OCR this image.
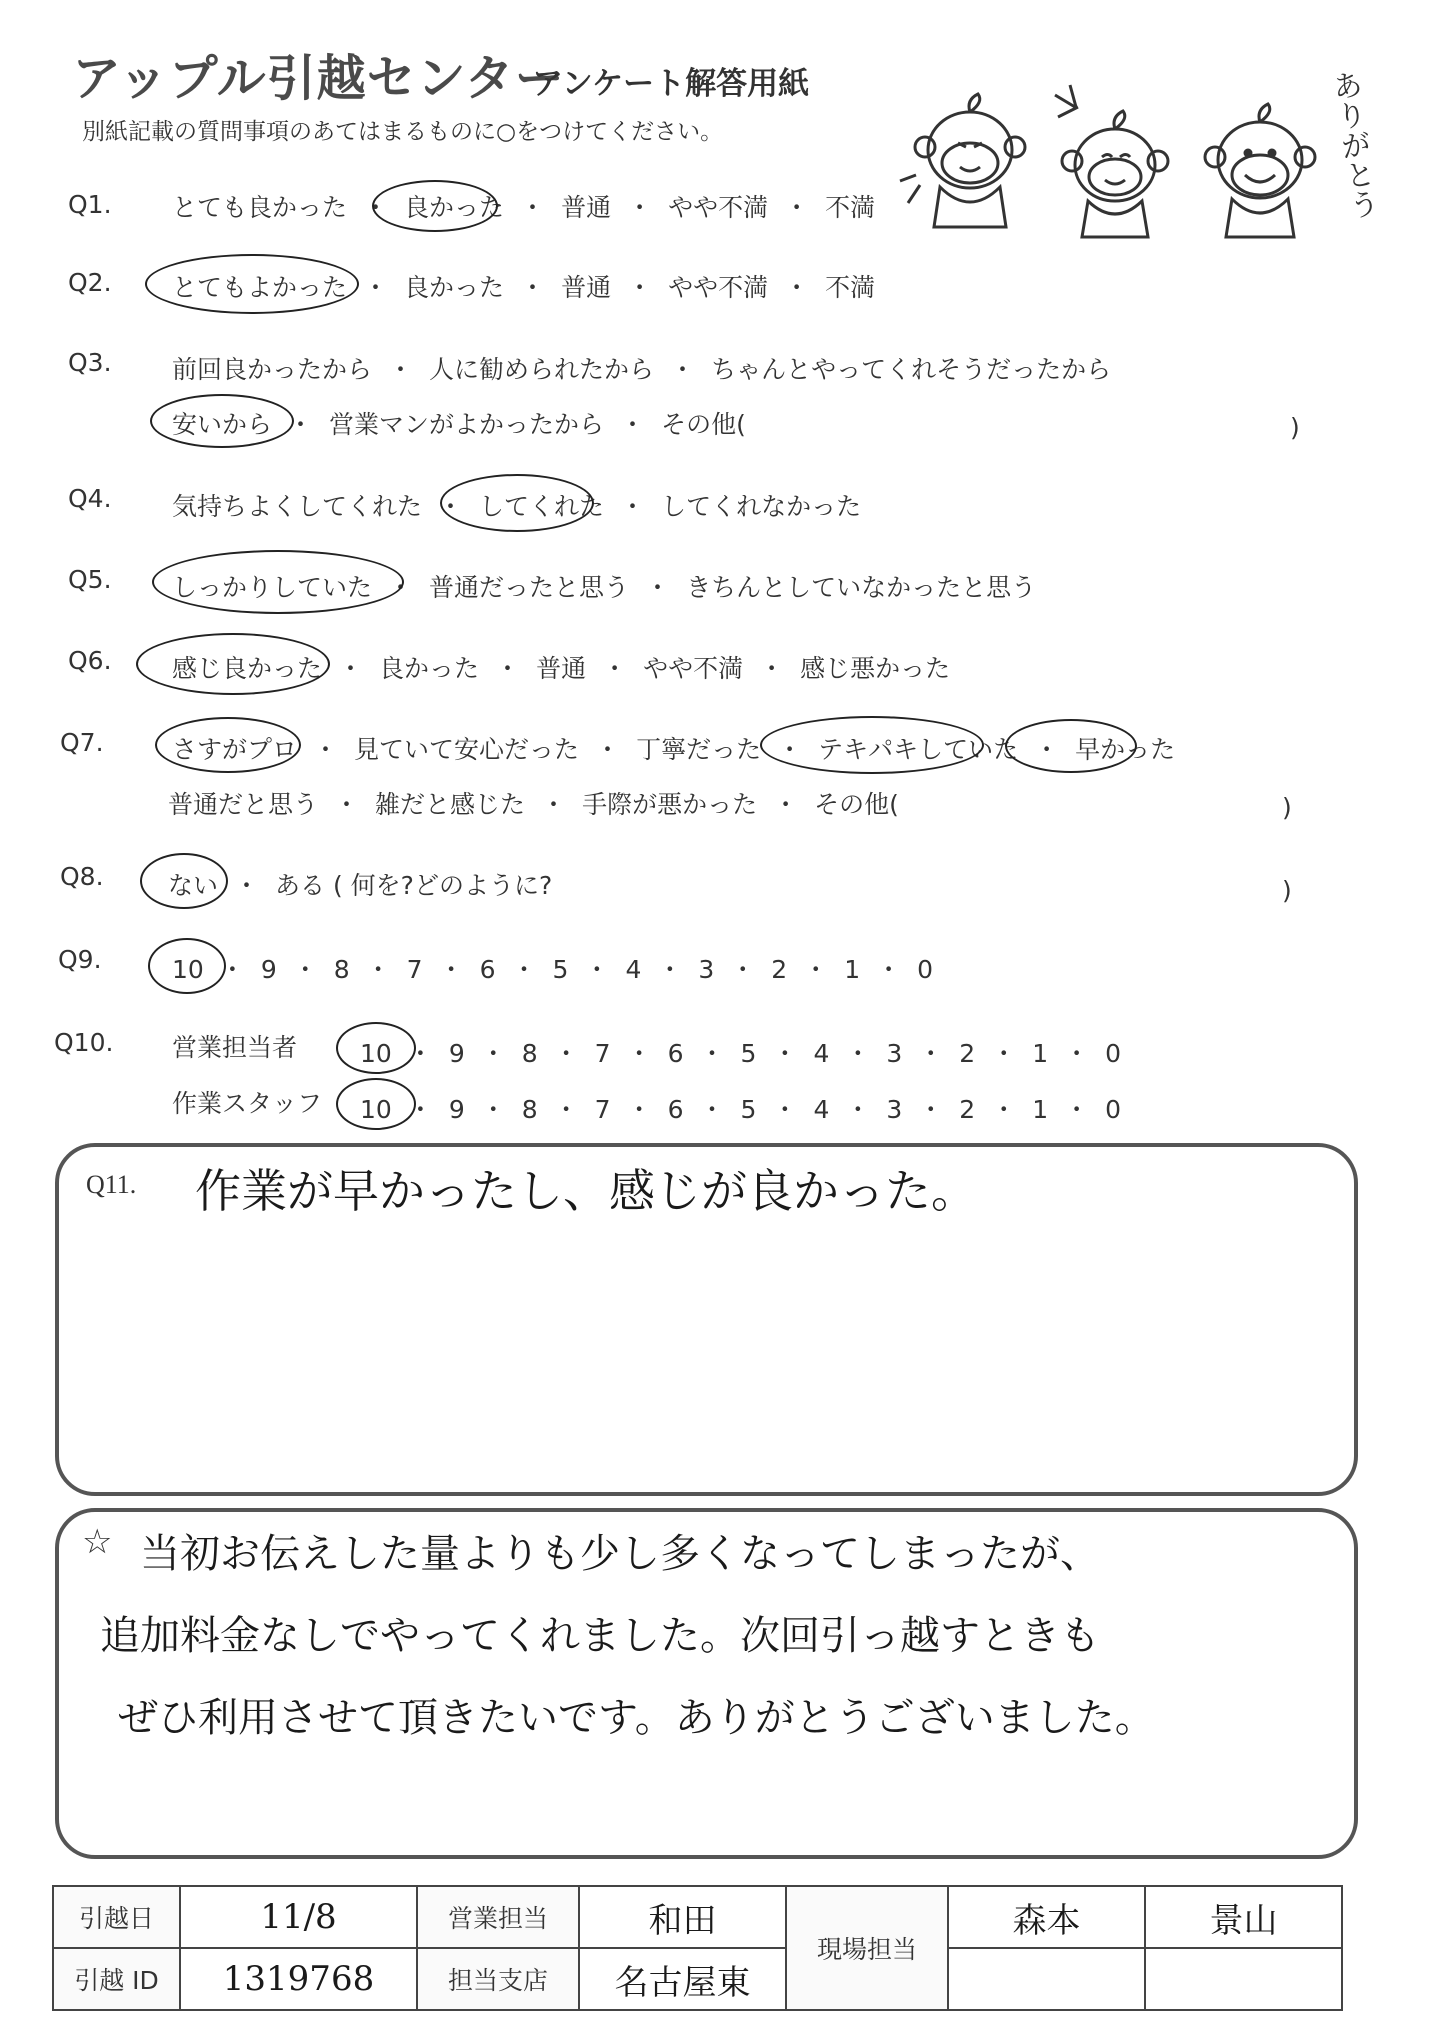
アップル引越センター
アンケート解答用紙
別紙記載の質問事項のあてはまるものに○をつけてください。	ありがとう
Q1. とても良かった ・ 良かった ・ 普通 ・ やや不満 ・ 不満
Q2. とてもよかった ・ 良かった ・ 普通 ・ やや不満 ・ 不満
Q3. 前回良かったから ・ 人に勧められたから ・ ちゃんとやってくれそうだったから
安いから ・ 営業マンがよかったから ・ その他(	)
Q4. 気持ちよくしてくれた ・ してくれた ・ してくれなかった
Q5. しっかりしていた ・ 普通だったと思う ・ きちんとしていなかったと思う
Q6. 感じ良かった ・ 良かった ・ 普通 ・ やや不満 ・ 感じ悪かった
Q7.	さすがプロ ・ 見ていて安心だった ・ 丁寧だった ・ テキパキしていた ・ 早かった
普通だと思う ・ 雑だと感じた ・ 手際が悪かった ・ その他(	)
Q8.	ない ・ ある ( 何を?どのように?	)
Q9.	10 ・ 9 ・ 8 ・ 7 ・ 6 ・ 5 ・ 4 ・ 3 ・ 2 ・ 1 ・ 0
Q10. 営業担当者	10 ・ 9 ・ 8 ・ 7 ・ 6 ・ 5 ・ 4 ・ 3 ・ 2 ・ 1 ・ 0
作業スタッフ 10 ・ 9 ・ 8 ・ 7 ・ 6 ・ 5 ・ 4 ・ 3 ・ 2 ・ 1 ・ 0
Q11. 作業が早かったし、感じが良かった。
☆ 当初お伝えした量よりも少し多くなってしまったが、
追加料金なしでやってくれました。次回引っ越すときも
ぜひ利用させて頂きたいです。ありがとうございました。
引越日	11/8	営業担当	和田	現場担当	森本	景山
引越 ID	1319768	担当支店	名古屋東			
